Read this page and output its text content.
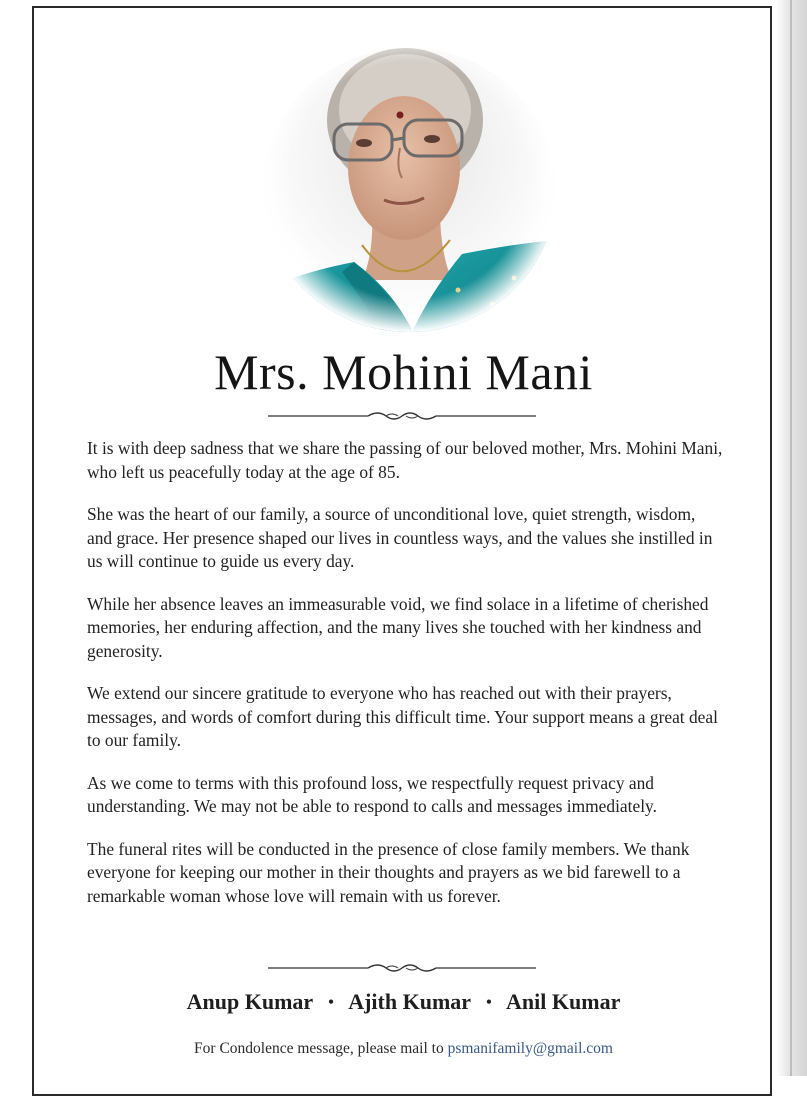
Mrs. Mohini Mani

It is with deep sadness that we share the passing of our beloved mother, Mrs. Mohini Mani, who left us peacefully today at the age of 85.

She was the heart of our family, a source of unconditional love, quiet strength, wisdom, and grace. Her presence shaped our lives in countless ways, and the values she instilled in us will continue to guide us every day.

While her absence leaves an immeasurable void, we find solace in a lifetime of cherished memories, her enduring affection, and the many lives she touched with her kindness and generosity.

We extend our sincere gratitude to everyone who has reached out with their prayers, messages, and words of comfort during this difficult time. Your support means a great deal to our family.

As we come to terms with this profound loss, we respectfully request privacy and understanding. We may not be able to respond to calls and messages immediately.

The funeral rites will be conducted in the presence of close family members. We thank everyone for keeping our mother in their thoughts and prayers as we bid farewell to a remarkable woman whose love will remain with us forever.

Anup Kumar • Ajith Kumar • Anil Kumar
For Condolence message, please mail to psmanifamily@gmail.com
